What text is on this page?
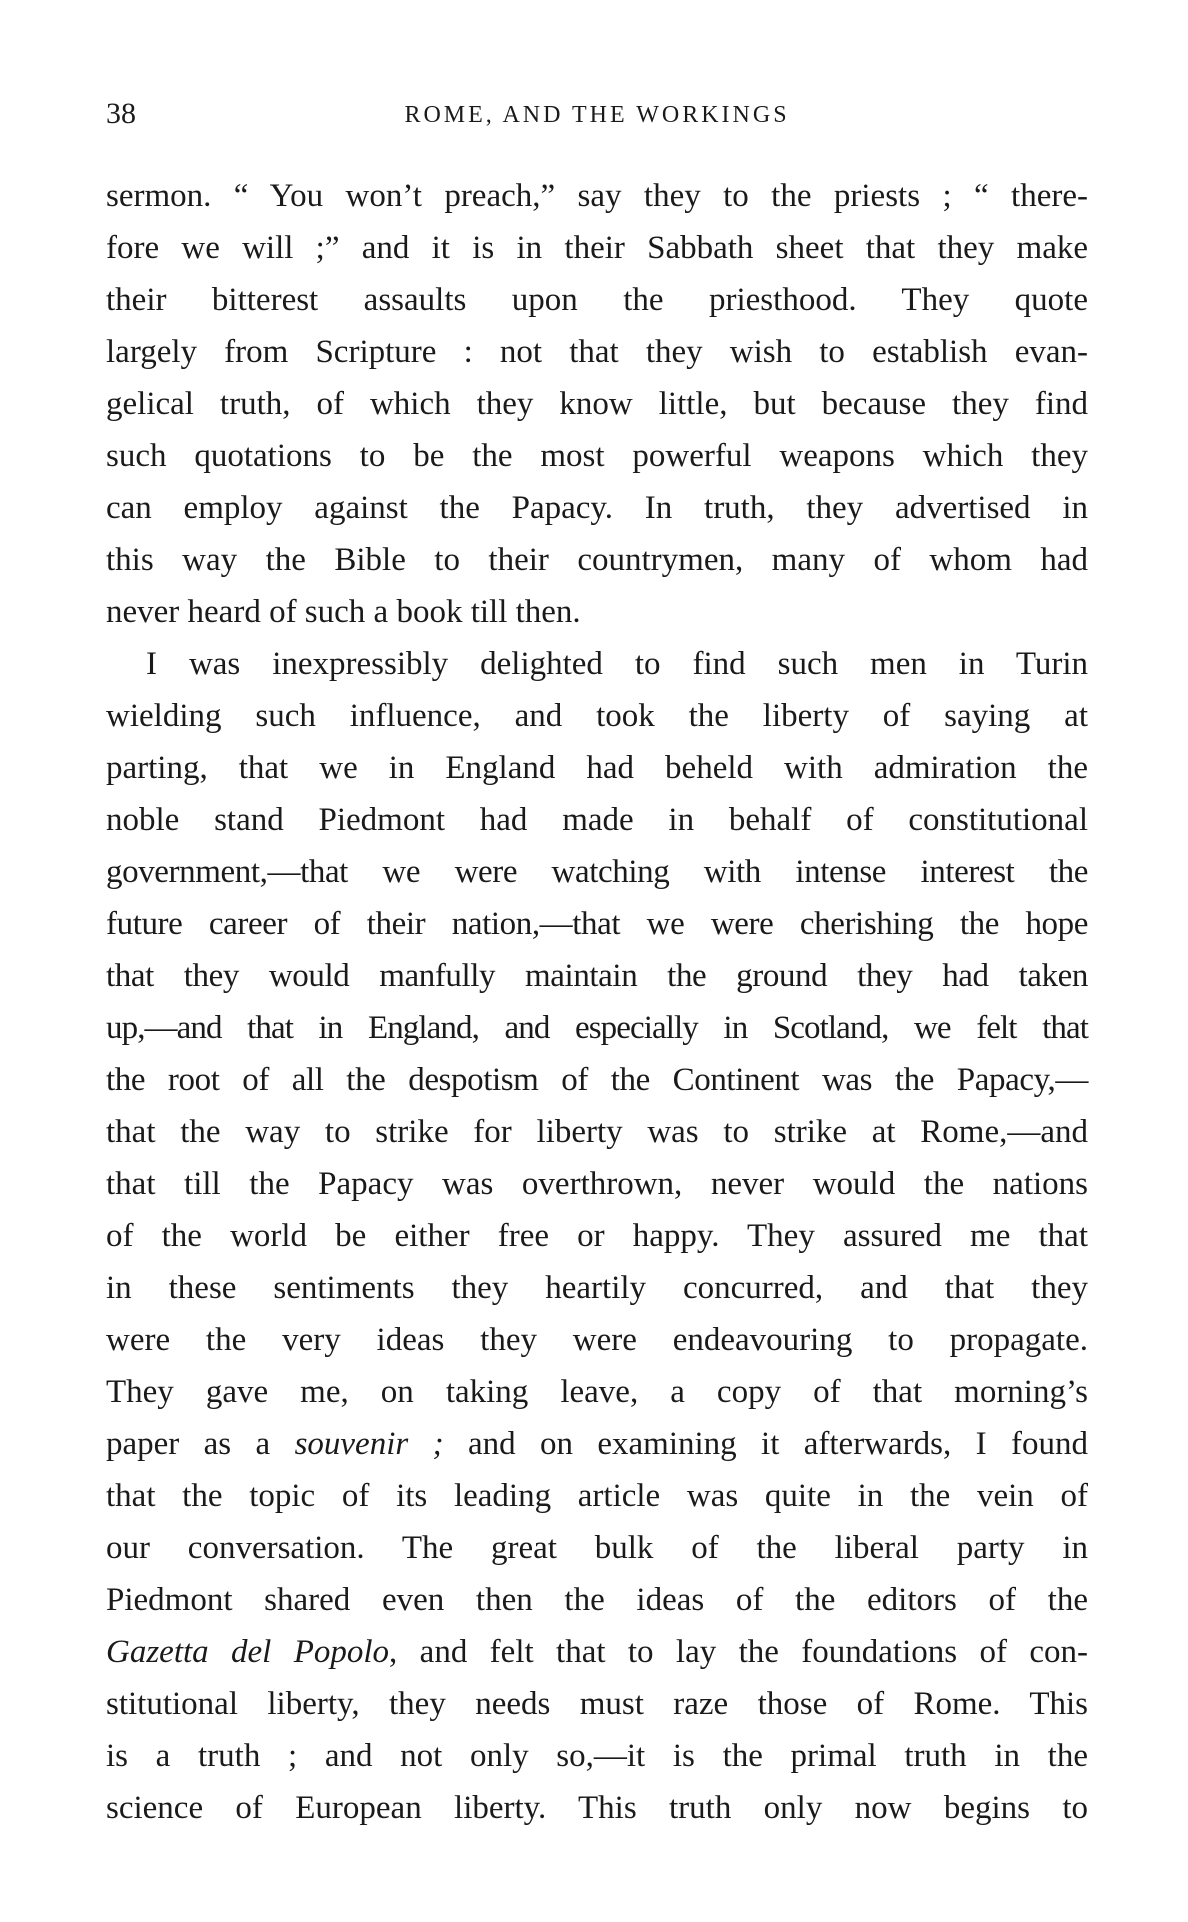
38	ROME, AND THE WORKINGS
sermon. “ You won’t preach,” say they to the priests ; “ there-
fore we will ;” and it is in their Sabbath sheet that they make
their bitterest assaults upon the priesthood. They quote
largely from Scripture : not that they wish to establish evan-
gelical truth, of which they know little, but because they find
such quotations to be the most powerful weapons which they
can employ against the Papacy. In truth, they advertised in
this way the Bible to their countrymen, many of whom had
never heard of such a book till then.
I was inexpressibly delighted to find such men in Turin
wielding such influence, and took the liberty of saying at
parting, that we in England had beheld with admiration the
noble stand Piedmont had made in behalf of constitutional
government,—that we were watching with intense interest the
future career of their nation,—that we were cherishing the hope
that they would manfully maintain the ground they had taken
up,—and that in England, and especially in Scotland, we felt that
the root of all the despotism of the Continent was the Papacy,—
that the way to strike for liberty was to strike at Rome,—and
that till the Papacy was overthrown, never would the nations
of the world be either free or happy. They assured me that
in these sentiments they heartily concurred, and that they
were the very ideas they were endeavouring to propagate.
They gave me, on taking leave, a copy of that morning’s
paper as a souvenir ; and on examining it afterwards, I found
that the topic of its leading article was quite in the vein of
our conversation. The great bulk of the liberal party in
Piedmont shared even then the ideas of the editors of the
Gazetta del Popolo, and felt that to lay the foundations of con-
stitutional liberty, they needs must raze those of Rome. This
is a truth ; and not only so,—it is the primal truth in the
science of European liberty. This truth only now begins to
